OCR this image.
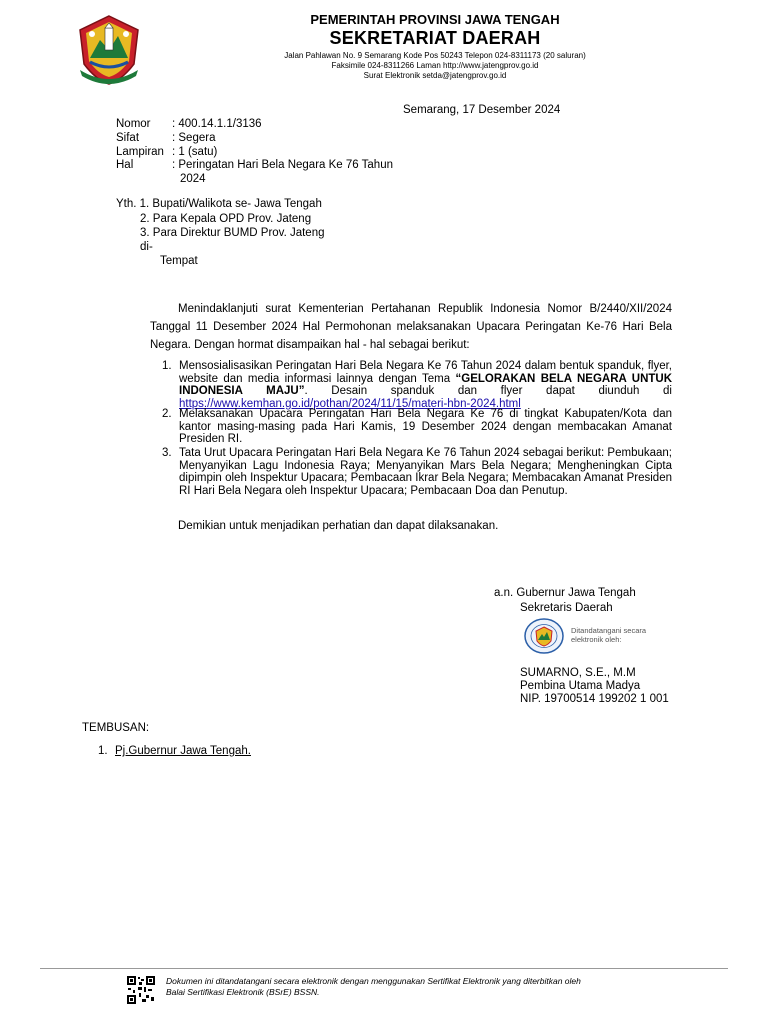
PEMERINTAH PROVINSI JAWA TENGAH
SEKRETARIAT DAERAH
Jalan Pahlawan No. 9 Semarang Kode Pos 50243 Telepon 024-8311173 (20 saluran)
Faksimile 024-8311266 Laman http://www.jatengprov.go.id
Surat Elektronik setda@jatengprov.go.id
Semarang, 17 Desember 2024
Nomor : 400.14.1.1/3136
Sifat	: Segera
Lampiran : 1 (satu)
Hal	: Peringatan Hari Bela Negara Ke 76 Tahun
2024
Yth. 1. Bupati/Walikota se- Jawa Tengah
2. Para Kepala OPD Prov. Jateng
3. Para Direktur BUMD Prov. Jateng
di-
Tempat
Menindaklanjuti surat Kementerian Pertahanan Republik Indonesia Nomor B/2440/XII/2024 Tanggal 11 Desember 2024 Hal Permohonan melaksanakan Upacara Peringatan Ke-76 Hari Bela Negara. Dengan hormat disampaikan hal - hal sebagai berikut:
1. Mensosialisasikan Peringatan Hari Bela Negara Ke 76 Tahun 2024 dalam bentuk spanduk, flyer, website dan media informasi lainnya dengan Tema “GELORAKAN BELA NEGARA UNTUK INDONESIA MAJU”. Desain spanduk dan flyer dapat diunduh di https://www.kemhan.go.id/pothan/2024/11/15/materi-hbn-2024.html
2. Melaksanakan Upacara Peringatan Hari Bela Negara Ke 76 di tingkat Kabupaten/Kota dan kantor masing-masing pada Hari Kamis, 19 Desember 2024 dengan membacakan Amanat Presiden RI.
3. Tata Urut Upacara Peringatan Hari Bela Negara Ke 76 Tahun 2024 sebagai berikut: Pembukaan; Menyanyikan Lagu Indonesia Raya; Menyanyikan Mars Bela Negara; Mengheningkan Cipta dipimpin oleh Inspektur Upacara; Pembacaan Ikrar Bela Negara; Membacakan Amanat Presiden RI Hari Bela Negara oleh Inspektur Upacara; Pembacaan Doa dan Penutup.
Demikian untuk menjadikan perhatian dan dapat dilaksanakan.
a.n. Gubernur Jawa Tengah
Sekretaris Daerah
Ditandatangani secara
elektronik oleh:
SUMARNO, S.E., M.M
Pembina Utama Madya
NIP. 19700514 199202 1 001
TEMBUSAN:
1. Pj.Gubernur Jawa Tengah.
Dokumen ini ditandatangani secara elektronik dengan menggunakan Sertifikat Elektronik yang diterbitkan oleh
Balai Sertifikasi Elektronik (BSrE) BSSN.
